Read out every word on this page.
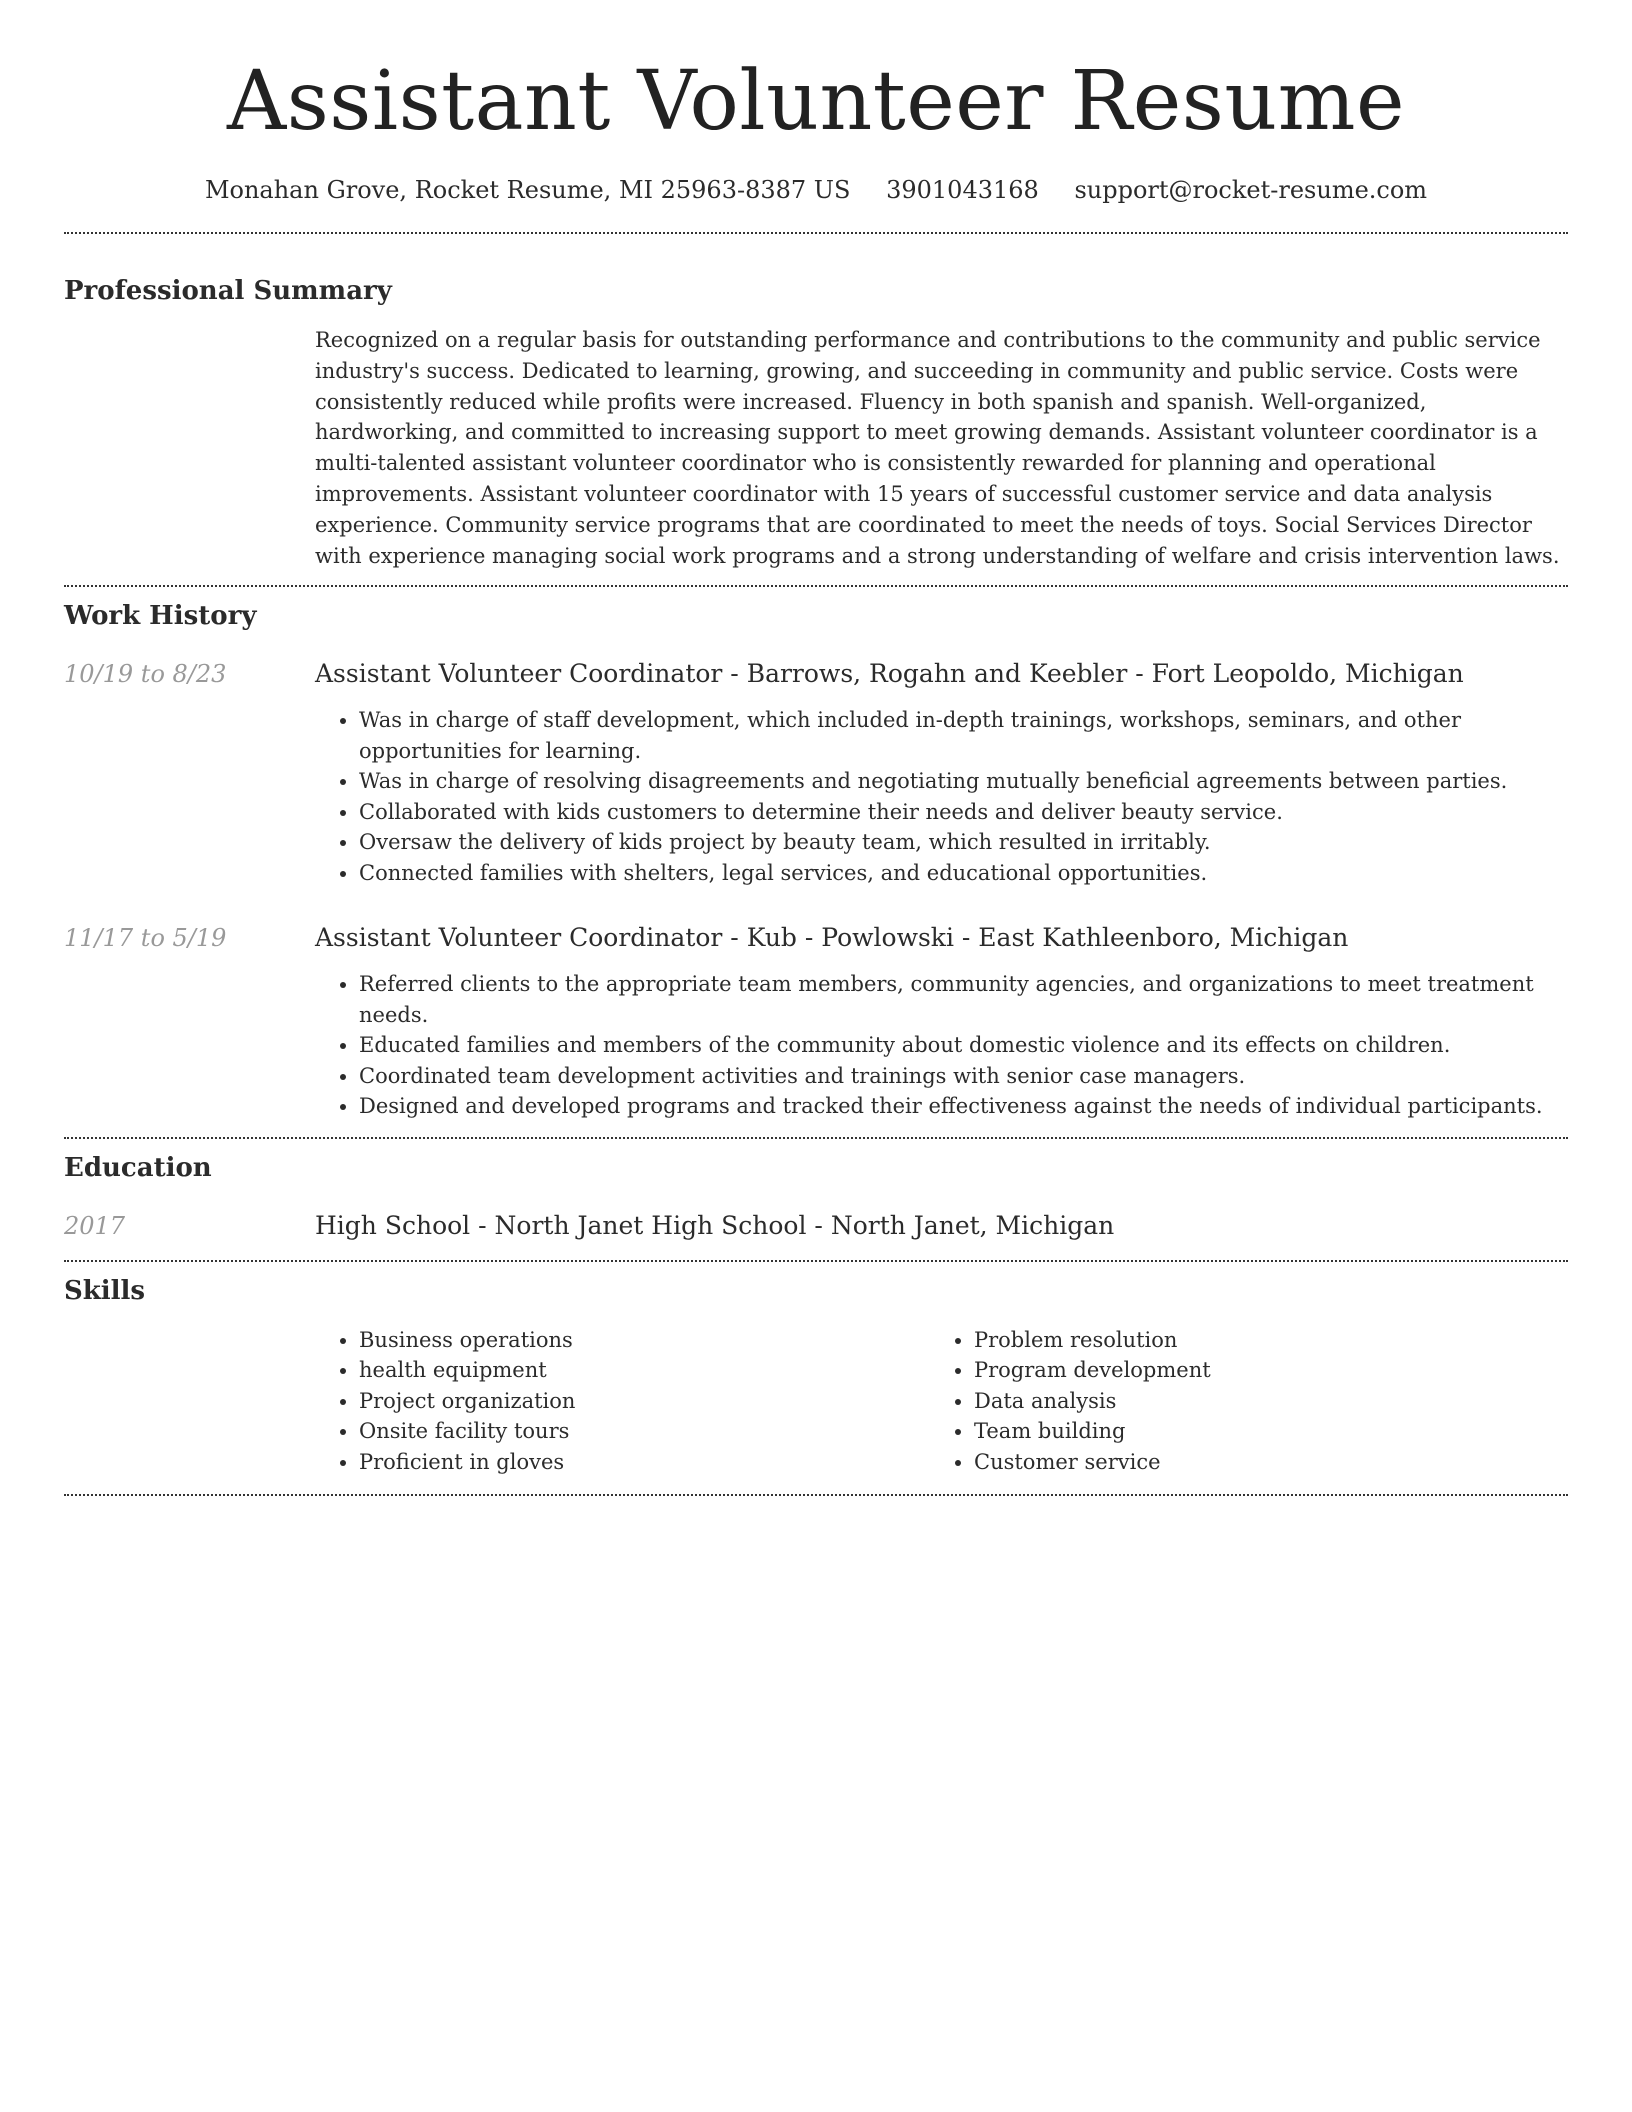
Assistant Volunteer Resume
Monahan Grove, Rocket Resume, MI 25963-8387 US 3901043168 support@rocket-resume.com
Professional Summary

Recognized on a regular basis for outstanding performance and contributions to the community and public service industry's success. Dedicated to learning, growing, and succeeding in community and public service. Costs were consistently reduced while profits were increased. Fluency in both spanish and spanish. Well-organized, hardworking, and committed to increasing support to meet growing demands. Assistant volunteer coordinator is a multi-talented assistant volunteer coordinator who is consistently rewarded for planning and operational improvements. Assistant volunteer coordinator with 15 years of successful customer service and data analysis experience. Community service programs that are coordinated to meet the needs of toys. Social Services Director with experience managing social work programs and a strong understanding of welfare and crisis intervention laws.

Work History
10/19 to 8/23	Assistant Volunteer Coordinator - Barrows, Rogahn and Keebler - Fort Leopoldo, Michigan
• Was in charge of staff development, which included in-depth trainings, workshops, seminars, and other opportunities for learning.
• Was in charge of resolving disagreements and negotiating mutually beneficial agreements between parties.
• Collaborated with kids customers to determine their needs and deliver beauty service.
• Oversaw the delivery of kids project by beauty team, which resulted in irritably.
• Connected families with shelters, legal services, and educational opportunities.
11/17 to 5/19	Assistant Volunteer Coordinator - Kub - Powlowski - East Kathleenboro, Michigan
• Referred clients to the appropriate team members, community agencies, and organizations to meet treatment needs.
• Educated families and members of the community about domestic violence and its effects on children.
• Coordinated team development activities and trainings with senior case managers.
• Designed and developed programs and tracked their effectiveness against the needs of individual participants.
Education
2017	High School - North Janet High School - North Janet, Michigan
Skills
• Business operations
• health equipment
• Project organization
• Onsite facility tours
• Proficient in gloves
• Problem resolution
• Program development
• Data analysis
• Team building
• Customer service
